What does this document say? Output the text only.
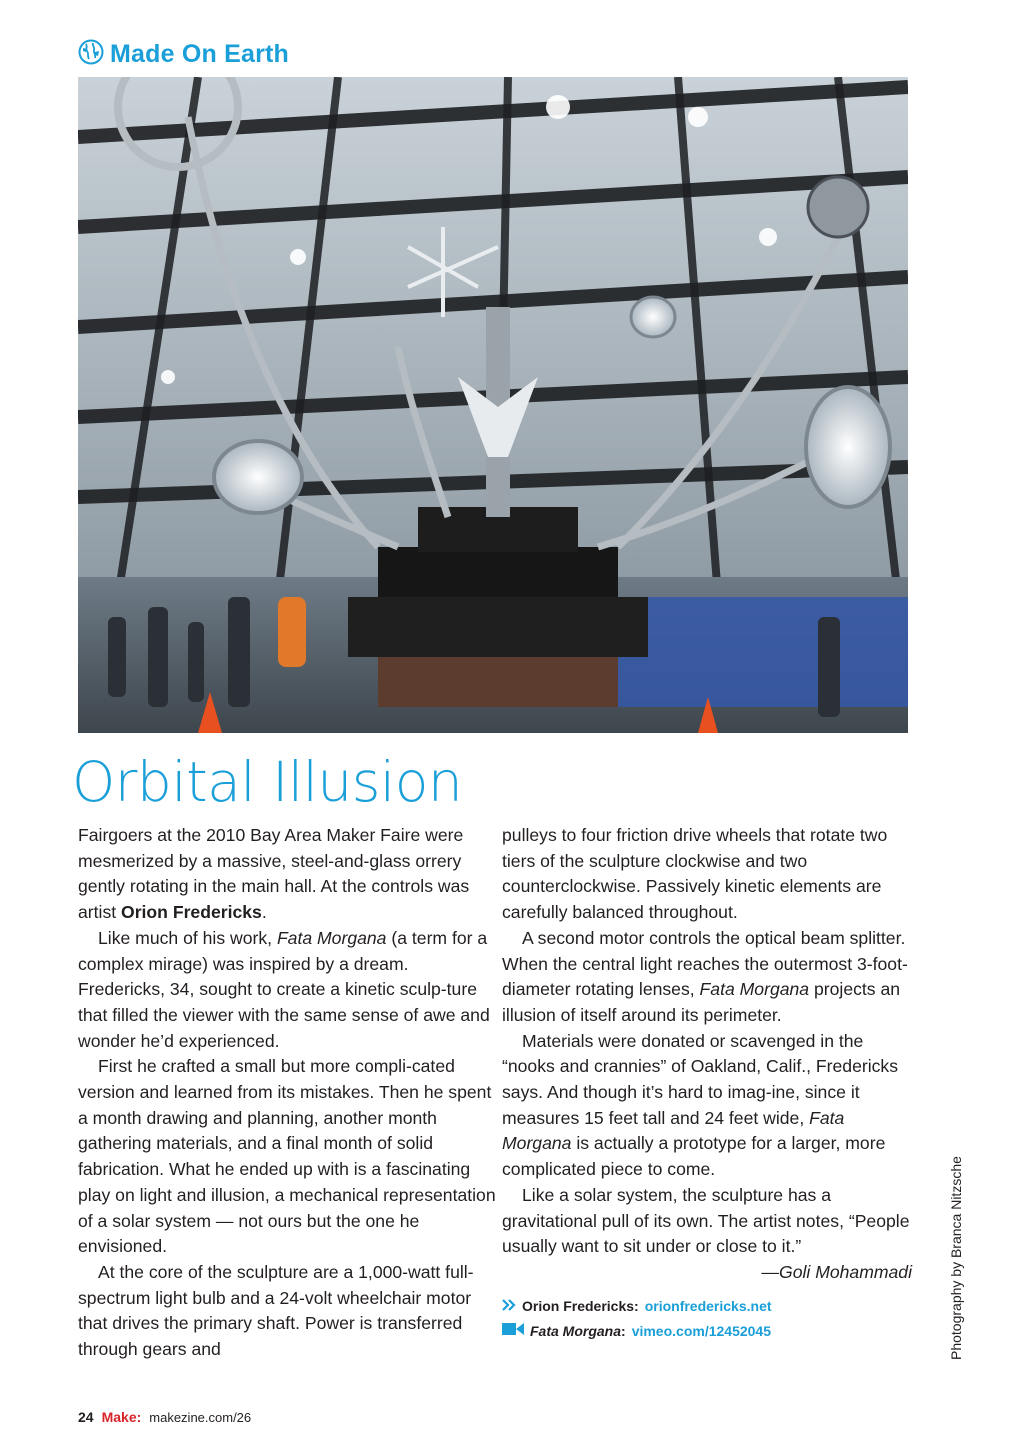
Made On Earth
Orbital Illusion

Fairgoers at the 2010 Bay Area Maker Faire were mesmerized by a massive, steel-and-glass orrery gently rotating in the main hall. At the controls was artist Orion Fredericks.

Like much of his work, Fata Morgana (a term for a complex mirage) was inspired by a dream. Fredericks, 34, sought to create a kinetic sculp-ture that filled the viewer with the same sense of awe and wonder he’d experienced.

First he crafted a small but more compli-cated version and learned from its mistakes. Then he spent a month drawing and planning, another month gathering materials, and a final month of solid fabrication. What he ended up with is a fascinating play on light and illusion, a mechanical representation of a solar system — not ours but the one he envisioned.

At the core of the sculpture are a 1,000-watt full-spectrum light bulb and a 24-volt wheelchair motor that drives the primary shaft. Power is transferred through gears and

pulleys to four friction drive wheels that rotate two tiers of the sculpture clockwise and two counterclockwise. Passively kinetic elements are carefully balanced throughout.

A second motor controls the optical beam splitter. When the central light reaches the outermost 3-foot-diameter rotating lenses, Fata Morgana projects an illusion of itself around its perimeter.

Materials were donated or scavenged in the “nooks and crannies” of Oakland, Calif., Fredericks says. And though it’s hard to imag-ine, since it measures 15 feet tall and 24 feet wide, Fata Morgana is actually a prototype for a larger, more complicated piece to come.

Like a solar system, the sculpture has a gravitational pull of its own. The artist notes, “People usually want to sit under or close to it.”

—Goli Mohammadi

Orion Fredericks: orionfredericks.net
Fata Morgana: vimeo.com/12452045	Photography by Branca Nitzsche
24 Make: makezine.com/26
